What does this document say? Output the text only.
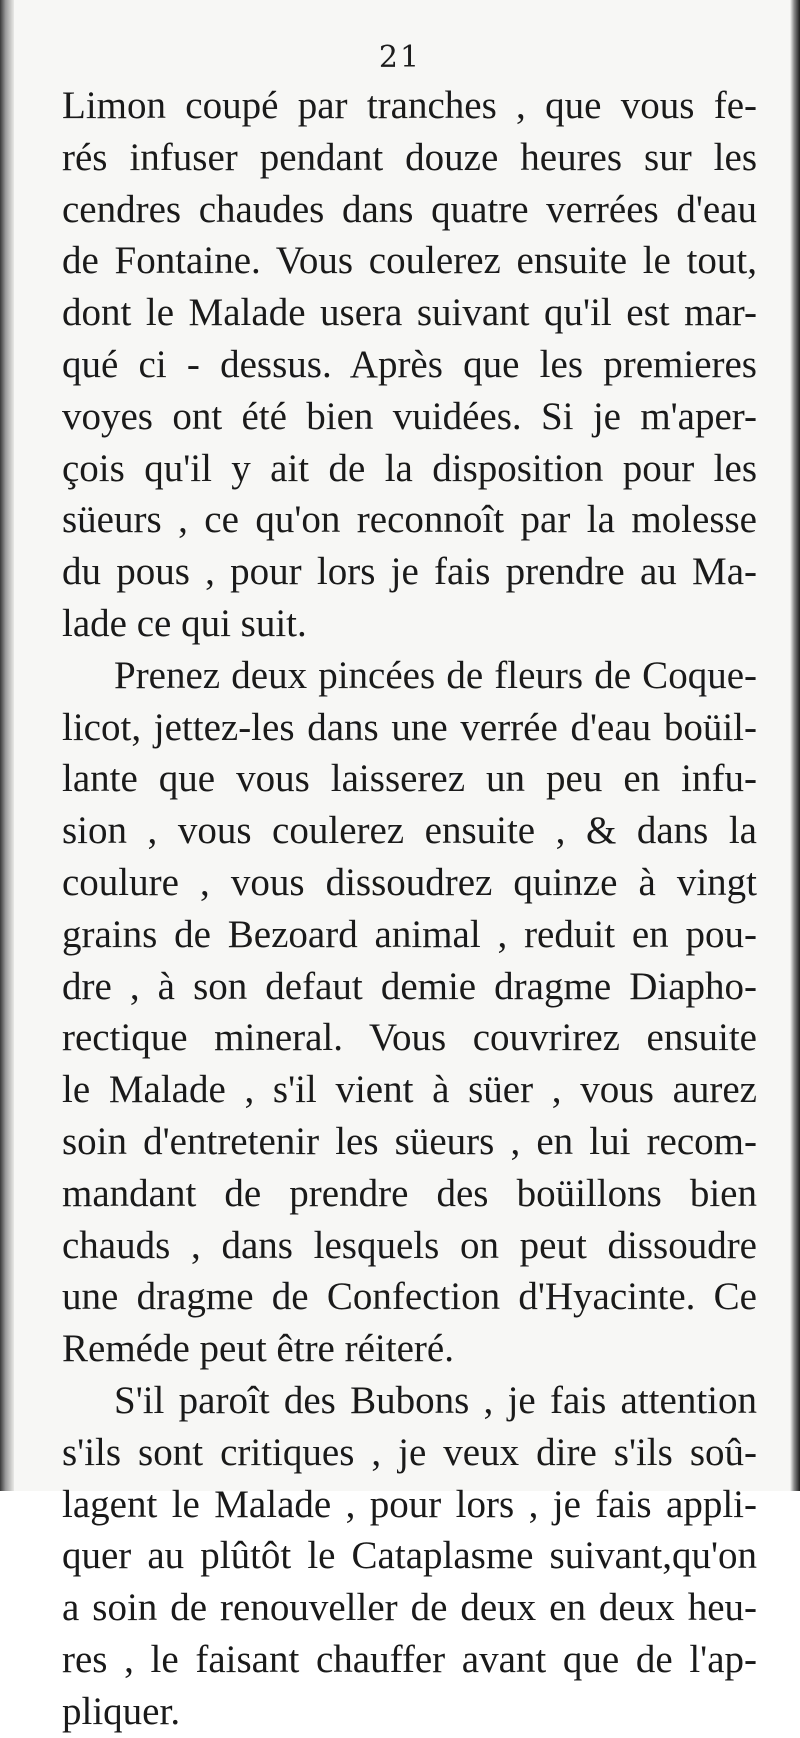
21
Limon coupé par tranches , que vous fe-
rés infuser pendant douze heures sur les
cendres chaudes dans quatre verrées d'eau
de Fontaine. Vous coulerez ensuite le tout,
dont le Malade usera suivant qu'il est mar-
qué ci - dessus. Après que les premieres
voyes ont été bien vuidées. Si je m'aper-
çois qu'il y ait de la disposition pour les
süeurs , ce qu'on reconnoît par la molesse
du pous , pour lors je fais prendre au Ma-
lade ce qui suit.
Prenez deux pincées de fleurs de Coque-
licot, jettez-les dans une verrée d'eau boüil-
lante que vous laisserez un peu en infu-
sion , vous coulerez ensuite , & dans la
coulure , vous dissoudrez quinze à vingt
grains de Bezoard animal , reduit en pou-
dre , à son defaut demie dragme Diapho-
rectique mineral. Vous couvrirez ensuite
le Malade , s'il vient à süer , vous aurez
soin d'entretenir les süeurs , en lui recom-
mandant de prendre des boüillons bien
chauds , dans lesquels on peut dissoudre
une dragme de Confection d'Hyacinte. Ce
Reméde peut être réiteré.
S'il paroît des Bubons , je fais attention
s'ils sont critiques , je veux dire s'ils soû-
lagent le Malade , pour lors , je fais appli-
quer au plûtôt le Cataplasme suivant,qu'on
a soin de renouveller de deux en deux heu-
res , le faisant chauffer avant que de l'ap-
pliquer.
